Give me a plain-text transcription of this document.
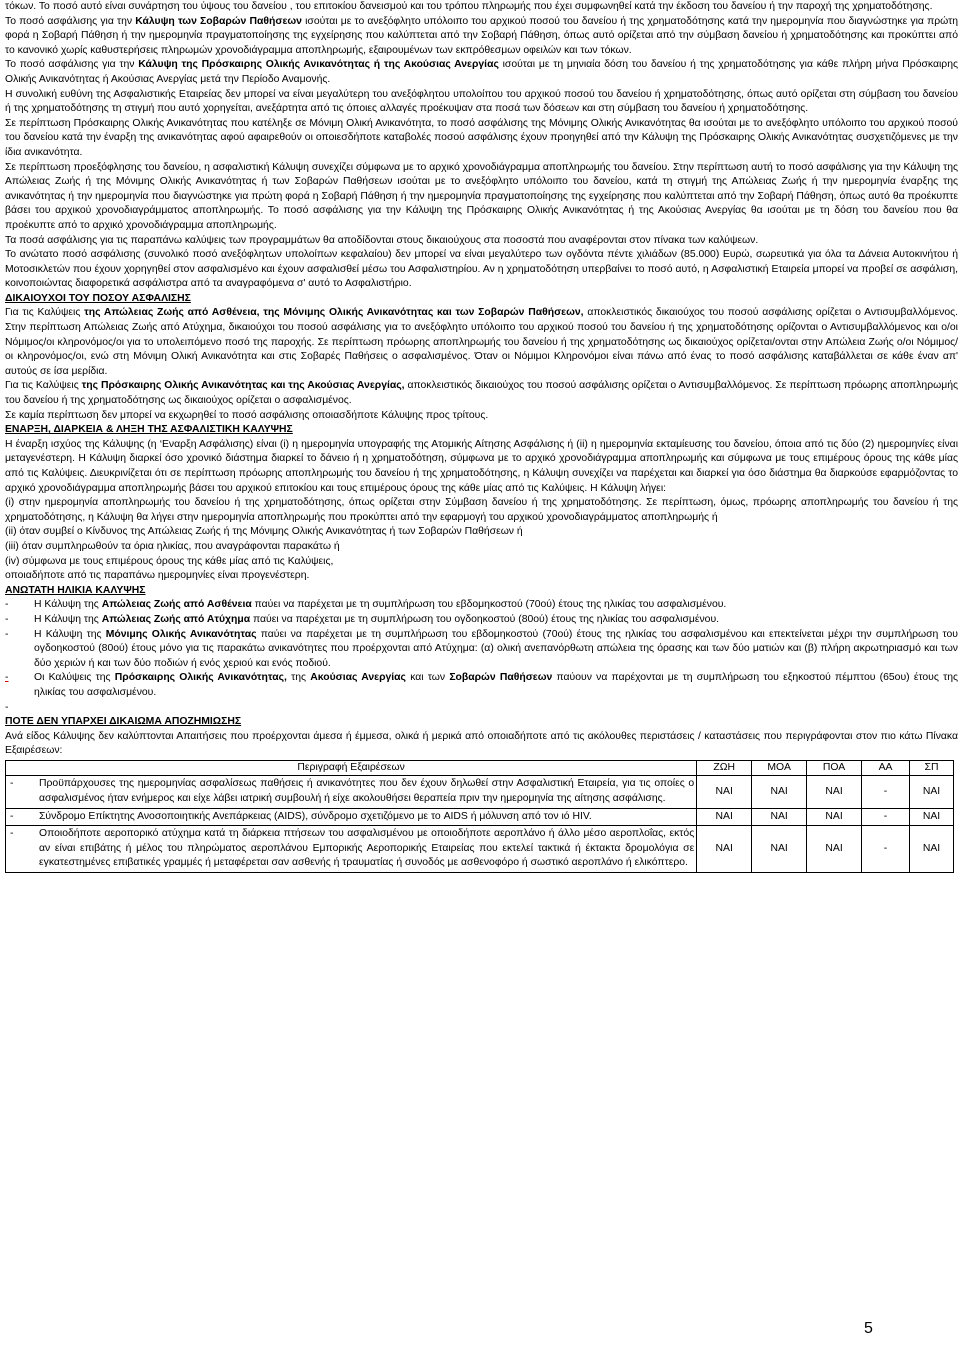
τόκων. Το ποσό αυτό είναι συνάρτηση του ύψους του δανείου , του επιτοκίου δανεισμού και του τρόπου πληρωμής που έχει συμφωνηθεί κατά την έκδοση του δανείου ή την παροχή της χρηματοδότησης.

Το ποσό ασφάλισης για την Κάλυψη των Σοβαρών Παθήσεων ισούται με το ανεξόφλητο υπόλοιπο του αρχικού ποσού του δανείου ή της χρηματοδότησης κατά την ημερομηνία που διαγνώστηκε για πρώτη φορά η Σοβαρή Πάθηση ή την ημερομηνία πραγματοποίησης της εγχείρησης που καλύπτεται από την Σοβαρή Πάθηση, όπως αυτό ορίζεται από την σύμβαση δανείου ή χρηματοδότησης και προκύπτει από το κανονικό χωρίς καθυστερήσεις πληρωμών χρονοδιάγραμμα αποπληρωμής, εξαιρουμένων των εκπρόθεσμων οφειλών και των τόκων.

Το ποσό ασφάλισης για την Κάλυψη της Πρόσκαιρης Ολικής Ανικανότητας ή της Ακούσιας Ανεργίας ισούται με τη μηνιαία δόση του δανείου ή της χρηματοδότησης για κάθε πλήρη μήνα Πρόσκαιρης Ολικής Ανικανότητας ή Ακούσιας Ανεργίας μετά την Περίοδο Αναμονής.

Η συνολική ευθύνη της Ασφαλιστικής Εταιρείας δεν μπορεί να είναι μεγαλύτερη του ανεξόφλητου υπολοίπου του αρχικού ποσού του δανείου ή χρηματοδότησης, όπως αυτό ορίζεται στη σύμβαση του δανείου ή της χρηματοδότησης τη στιγμή που αυτό χορηγείται, ανεξάρτητα από τις όποιες αλλαγές προέκυψαν στα ποσά των δόσεων και στη σύμβαση του δανείου ή χρηματοδότησης.

Σε περίπτωση Πρόσκαιρης Ολικής Ανικανότητας που κατέληξε σε Μόνιμη Ολική Ανικανότητα, το ποσό ασφάλισης της Μόνιμης Ολικής Ανικανότητας θα ισούται με το ανεξόφλητο υπόλοιπο του αρχικού ποσού του δανείου κατά την έναρξη της ανικανότητας αφού αφαιρεθούν οι οποιεσδήποτε καταβολές ποσού ασφάλισης έχουν προηγηθεί από την Κάλυψη της Πρόσκαιρης Ολικής Ανικανότητας συσχετιζόμενες με την ίδια ανικανότητα.

Σε περίπτωση προεξόφλησης του δανείου, η ασφαλιστική Κάλυψη συνεχίζει σύμφωνα με το αρχικό χρονοδιάγραμμα αποπληρωμής του δανείου. Στην περίπτωση αυτή το ποσό ασφάλισης για την Κάλυψη της Απώλειας Ζωής ή της Μόνιμης Ολικής Ανικανότητας ή των Σοβαρών Παθήσεων ισούται με το ανεξόφλητο υπόλοιπο του δανείου, κατά τη στιγμή της Απώλειας Ζωής ή την ημερομηνία έναρξης της ανικανότητας ή την ημερομηνία που διαγνώστηκε για πρώτη φορά η Σοβαρή Πάθηση ή την ημερομηνία πραγματοποίησης της εγχείρησης που καλύπτεται από την Σοβαρή Πάθηση, όπως αυτό θα προέκυπτε βάσει του αρχικού χρονοδιαγράμματος αποπληρωμής. Το ποσό ασφάλισης για την Κάλυψη της Πρόσκαιρης Ολικής Ανικανότητας ή της Ακούσιας Ανεργίας θα ισούται με τη δόση του δανείου που θα προέκυπτε από το αρχικό χρονοδιάγραμμα αποπληρωμής.

Τα ποσά ασφάλισης για τις παραπάνω καλύψεις των προγραμμάτων θα αποδίδονται στους δικαιούχους στα ποσοστά που αναφέρονται στον πίνακα των καλύψεων.

Το ανώτατο ποσό ασφάλισης (συνολικό ποσό ανεξόφλητων υπολοίπων κεφαλαίου) δεν μπορεί να είναι μεγαλύτερο των ογδόντα πέντε χιλιάδων (85.000) Ευρώ, σωρευτικά για όλα τα Δάνεια Αυτοκινήτου ή Μοτοσικλετών που έχουν χορηγηθεί στον ασφαλισμένο και έχουν ασφαλισθεί μέσω του Ασφαλιστηρίου. Αν η χρηματοδότηση υπερβαίνει το ποσό αυτό, η Ασφαλιστική Εταιρεία μπορεί να προβεί σε ασφάλιση, κοινοποιώντας διαφορετικά ασφάλιστρα από τα αναγραφόμενα σ' αυτό το Ασφαλιστήριο.

ΔΙΚΑΙΟΥΧΟΙ ΤΟΥ ΠΟΣΟΥ ΑΣΦΑΛΙΣΗΣ

Για τις Καλύψεις της Απώλειας Ζωής από Ασθένεια, της Μόνιμης Ολικής Ανικανότητας και των Σοβαρών Παθήσεων, αποκλειστικός δικαιούχος του ποσού ασφάλισης ορίζεται ο Αντισυμβαλλόμενος. Στην περίπτωση Απώλειας Ζωής από Ατύχημα, δικαιούχοι του ποσού ασφάλισης για το ανεξόφλητο υπόλοιπο του αρχικού ποσού του δανείου ή της χρηματοδότησης ορίζονται ο Αντισυμβαλλόμενος και ο/οι Νόμιμος/οι κληρονόμος/οι για το υπολειπόμενο ποσό της παροχής. Σε περίπτωση πρόωρης αποπληρωμής του δανείου ή της χρηματοδότησης ως δικαιούχος ορίζεται/ονται στην Απώλεια Ζωής ο/οι Νόμιμος/οι κληρονόμος/οι, ενώ στη Μόνιμη Ολική Ανικανότητα και στις Σοβαρές Παθήσεις ο ασφαλισμένος. Όταν οι Νόμιμοι Κληρονόμοι είναι πάνω από ένας το ποσό ασφάλισης καταβάλλεται σε κάθε έναν απ' αυτούς σε ίσα μερίδια.

Για τις Καλύψεις της Πρόσκαιρης Ολικής Ανικανότητας και της Ακούσιας Ανεργίας, αποκλειστικός δικαιούχος του ποσού ασφάλισης ορίζεται ο Αντισυμβαλλόμενος. Σε περίπτωση πρόωρης αποπληρωμής του δανείου ή της χρηματοδότησης ως δικαιούχος ορίζεται ο ασφαλισμένος.

Σε καμία περίπτωση δεν μπορεί να εκχωρηθεί το ποσό ασφάλισης οποιασδήποτε Κάλυψης προς τρίτους.

ΕΝΑΡΞΗ, ΔΙΑΡΚΕΙΑ & ΛΗΞΗ ΤΗΣ ΑΣΦΑΛΙΣΤΙΚΗ ΚΑΛΥΨΗΣ

Η έναρξη ισχύος της Κάλυψης (η ‘Εναρξη Ασφάλισης) είναι (i) η ημερομηνία υπογραφής της Ατομικής Αίτησης Ασφάλισης ή (ii) η ημερομηνία εκταμίευσης του δανείου, όποια από τις δύο (2) ημερομηνίες είναι μεταγενέστερη. Η Κάλυψη διαρκεί όσο χρονικό διάστημα διαρκεί το δάνειο ή η χρηματοδότηση, σύμφωνα με το αρχικό χρονοδιάγραμμα αποπληρωμής και σύμφωνα με τους επιμέρους όρους της κάθε μίας από τις Καλύψεις. Διευκρινίζεται ότι σε περίπτωση πρόωρης αποπληρωμής του δανείου ή της χρηματοδότησης, η Κάλυψη συνεχίζει να παρέχεται και διαρκεί για όσο διάστημα θα διαρκούσε εφαρμόζοντας το αρχικό χρονοδιάγραμμα αποπληρωμής βάσει του αρχικού επιτοκίου και τους επιμέρους όρους της κάθε μίας από τις Καλύψεις. Η Κάλυψη λήγει:

(i) στην ημερομηνία αποπληρωμής του δανείου ή της χρηματοδότησης, όπως ορίζεται στην Σύμβαση δανείου ή της χρηματοδότησης. Σε περίπτωση, όμως, πρόωρης αποπληρωμής του δανείου ή της χρηματοδότησης, η Κάλυψη θα λήγει στην ημερομηνία αποπληρωμής που προκύπτει από την εφαρμογή του αρχικού χρονοδιαγράμματος αποπληρωμής ή

(ii) όταν συμβεί ο Κίνδυνος της Απώλειας Ζωής ή της Μόνιμης Ολικής Ανικανότητας ή των Σοβαρών Παθήσεων ή

(iii) όταν συμπληρωθούν τα όρια ηλικίας, που αναγράφονται παρακάτω ή

(iv) σύμφωνα με τους επιμέρους όρους της κάθε μίας από τις Καλύψεις,

οποιαδήποτε από τις παραπάνω ημερομηνίες είναι προγενέστερη.

ΑΝΩΤΑΤΗ ΗΛΙΚΙΑ ΚΑΛΥΨΗΣ

-	Η Κάλυψη της Απώλειας Ζωής από Ασθένεια παύει να παρέχεται με τη συμπλήρωση του εβδομηκοστού (70ού) έτους της ηλικίας του ασφαλισμένου.
-	Η Κάλυψη της Απώλειας Ζωής από Ατύχημα παύει να παρέχεται με τη συμπλήρωση του ογδοηκοστού (80ού) έτους της ηλικίας του ασφαλισμένου.
-	Η Κάλυψη της Μόνιμης Ολικής Ανικανότητας παύει να παρέχεται με τη συμπλήρωση του εβδομηκοστού (70ού) έτους της ηλικίας του ασφαλισμένου και επεκτείνεται μέχρι την συμπλήρωση του ογδοηκοστού (80ού) έτους μόνο για τις παρακάτω ανικανότητες που προέρχονται από Ατύχημα: (α) ολική ανεπανόρθωτη απώλεια της όρασης και των δύο ματιών και (β) πλήρη ακρωτηριασμό και των δύο χεριών ή και των δύο ποδιών ή ενός χεριού και ενός ποδιού.
-	Οι Καλύψεις της Πρόσκαιρης Ολικής Ανικανότητας, της Ακούσιας Ανεργίας και των Σοβαρών Παθήσεων παύουν να παρέχονται με τη συμπλήρωση του εξηκοστού πέμπτου (65ου) έτους της ηλικίας του ασφαλισμένου.
-

ΠΟΤΕ ΔΕΝ ΥΠΑΡΧΕΙ ΔΙΚΑΙΩΜΑ ΑΠΟΖΗΜΙΩΣΗΣ

Ανά είδος Κάλυψης δεν καλύπτονται Απαιτήσεις που προέρχονται άμεσα ή έμμεσα, ολικά ή μερικά από οποιαδήποτε από τις ακόλουθες περιστάσεις / καταστάσεις που περιγράφονται στον πιο κάτω Πίνακα Εξαιρέσεων:

Περιγραφή Εξαιρέσεων	ΖΩΗ	ΜΟΑ	ΠΟΑ	ΑΑ	ΣΠ

- Προϋπάρχουσες της ημερομηνίας ασφαλίσεως παθήσεις ή ανικανότητες που δεν έχουν δηλωθεί στην Ασφαλιστική Εταιρεία, για τις οποίες ο ασφαλισμένος ήταν ενήμερος και είχε λάβει ιατρική συμβουλή ή είχε ακολουθήσει θεραπεία πριν την ημερομηνία της αίτησης ασφάλισης.	ΝΑΙ	ΝΑΙ	ΝΑΙ	-	ΝΑΙ

- Σύνδρομο Επίκτητης Ανοσοποιητικής Ανεπάρκειας (AIDS), σύνδρομο σχετιζόμενο με το AIDS ή μόλυνση από τον ιό HIV.	ΝΑΙ	ΝΑΙ	ΝΑΙ	-	ΝΑΙ

- Οποιοδήποτε αεροπορικό ατύχημα κατά τη διάρκεια πτήσεων του ασφαλισμένου με οποιοδήποτε αεροπλάνο ή άλλο μέσο αεροπλοΐας, εκτός αν είναι επιβάτης ή μέλος του πληρώματος αεροπλάνου Εμπορικής Αεροπορικής Εταιρείας που εκτελεί τακτικά ή έκτακτα δρομολόγια σε εγκατεστημένες επιβατικές γραμμές ή μεταφέρεται σαν ασθενής ή τραυματίας ή συνοδός με ασθενοφόρο ή σωστικό αεροπλάνο ή ελικόπτερο.	ΝΑΙ	ΝΑΙ	ΝΑΙ	-	ΝΑΙ
5
